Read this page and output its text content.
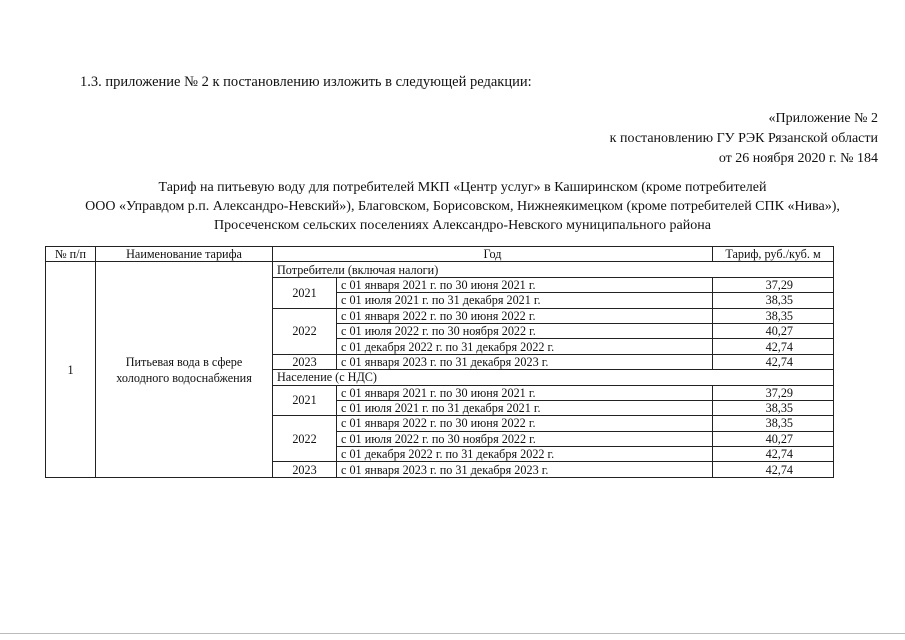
1.3. приложение № 2 к постановлению изложить в следующей редакции:
«Приложение № 2
к постановлению ГУ РЭК Рязанской области
от 26 ноября 2020 г. № 184
Тариф на питьевую воду для потребителей МКП «Центр услуг» в Каширинском (кроме потребителей
ООО «Управдом р.п. Александро-Невский»), Благовском, Борисовском, Нижнеякимецком (кроме потребителей СПК «Нива»),
Просеченском сельских поселениях Александро-Невского муниципального района
№ п/п	Наименование тарифа	Год		Тариф, руб./куб. м
1	Питьевая вода в сфере холодного водоснабжения	Потребители (включая налоги)		
		2021	с 01 января 2021 г. по 30 июня 2021 г.	37,29
			с 01 июля 2021 г. по 31 декабря 2021 г.	38,35
		2022	с 01 января 2022 г. по 30 июня 2022 г.	38,35
			с 01 июля 2022 г. по 30 ноября 2022 г.	40,27
			с 01 декабря 2022 г. по 31 декабря 2022 г.	42,74
		2023	с 01 января 2023 г. по 31 декабря 2023 г.	42,74
		Население (с НДС)		
		2021	с 01 января 2021 г. по 30 июня 2021 г.	37,29
			с 01 июля 2021 г. по 31 декабря 2021 г.	38,35
		2022	с 01 января 2022 г. по 30 июня 2022 г.	38,35
			с 01 июля 2022 г. по 30 ноября 2022 г.	40,27
			с 01 декабря 2022 г. по 31 декабря 2022 г.	42,74
		2023	с 01 января 2023 г. по 31 декабря 2023 г.	42,74
